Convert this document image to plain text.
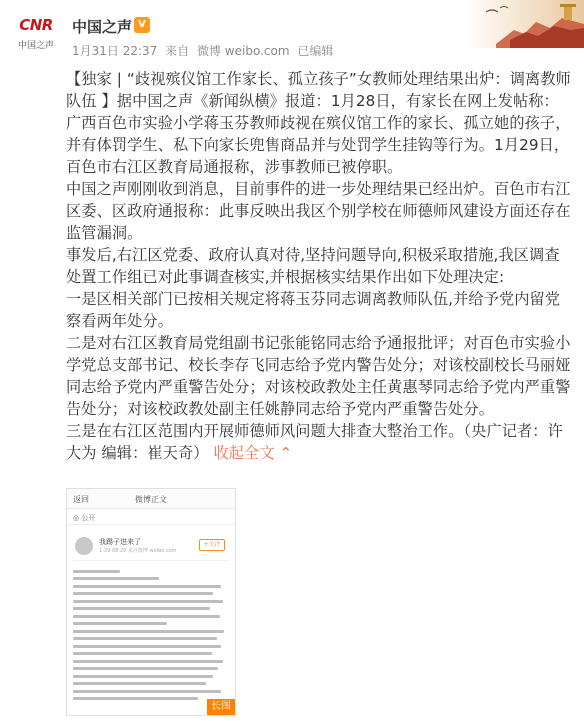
CNR
中国之声
中国之声 V
1月31日 22:37 来自 微博 weibo.com 已编辑

【独家 | “歧视殡仪馆工作家长、孤立孩子”女教师处理结果出炉：调离教师队伍 】据中国之声《新闻纵横》报道：1月28日，有家长在网上发帖称：广西百色市实验小学蒋玉芬教师歧视在殡仪馆工作的家长、孤立她的孩子，并有体罚学生、私下向家长兜售商品并与处罚学生挂钩等行为。1月29日，百色市右江区教育局通报称，涉事教师已被停职。

中国之声刚刚收到消息，目前事件的进一步处理结果已经出炉。百色市右江区委、区政府通报称：此事反映出我区个别学校在师德师风建设方面还存在监管漏洞。

事发后,右江区党委、政府认真对待,坚持问题导向,积极采取措施,我区调查处置工作组已对此事调查核实,并根据核实结果作出如下处理决定:

一是区相关部门已按相关规定将蒋玉芬同志调离教师队伍,并给予党内留党察看两年处分。

二是对右江区教育局党组副书记张能铭同志给予通报批评；对百色市实验小学党总支部书记、校长李存飞同志给予党内警告处分；对该校副校长马丽娅同志给予党内严重警告处分；对该校政教处主任黄惠琴同志给予党内严重警告处分；对该校政教处副主任姚静同志给予党内严重警告处分。

三是在右江区范围内开展师德师风问题大排查大整治工作。（央广记者：许大为 编辑：崔天奇） 收起全文 ⌃

返回	微博正文
◎ 公开
我踢子进来了
1-29 08:20 来自微博 weibo.com
+关注
长图
